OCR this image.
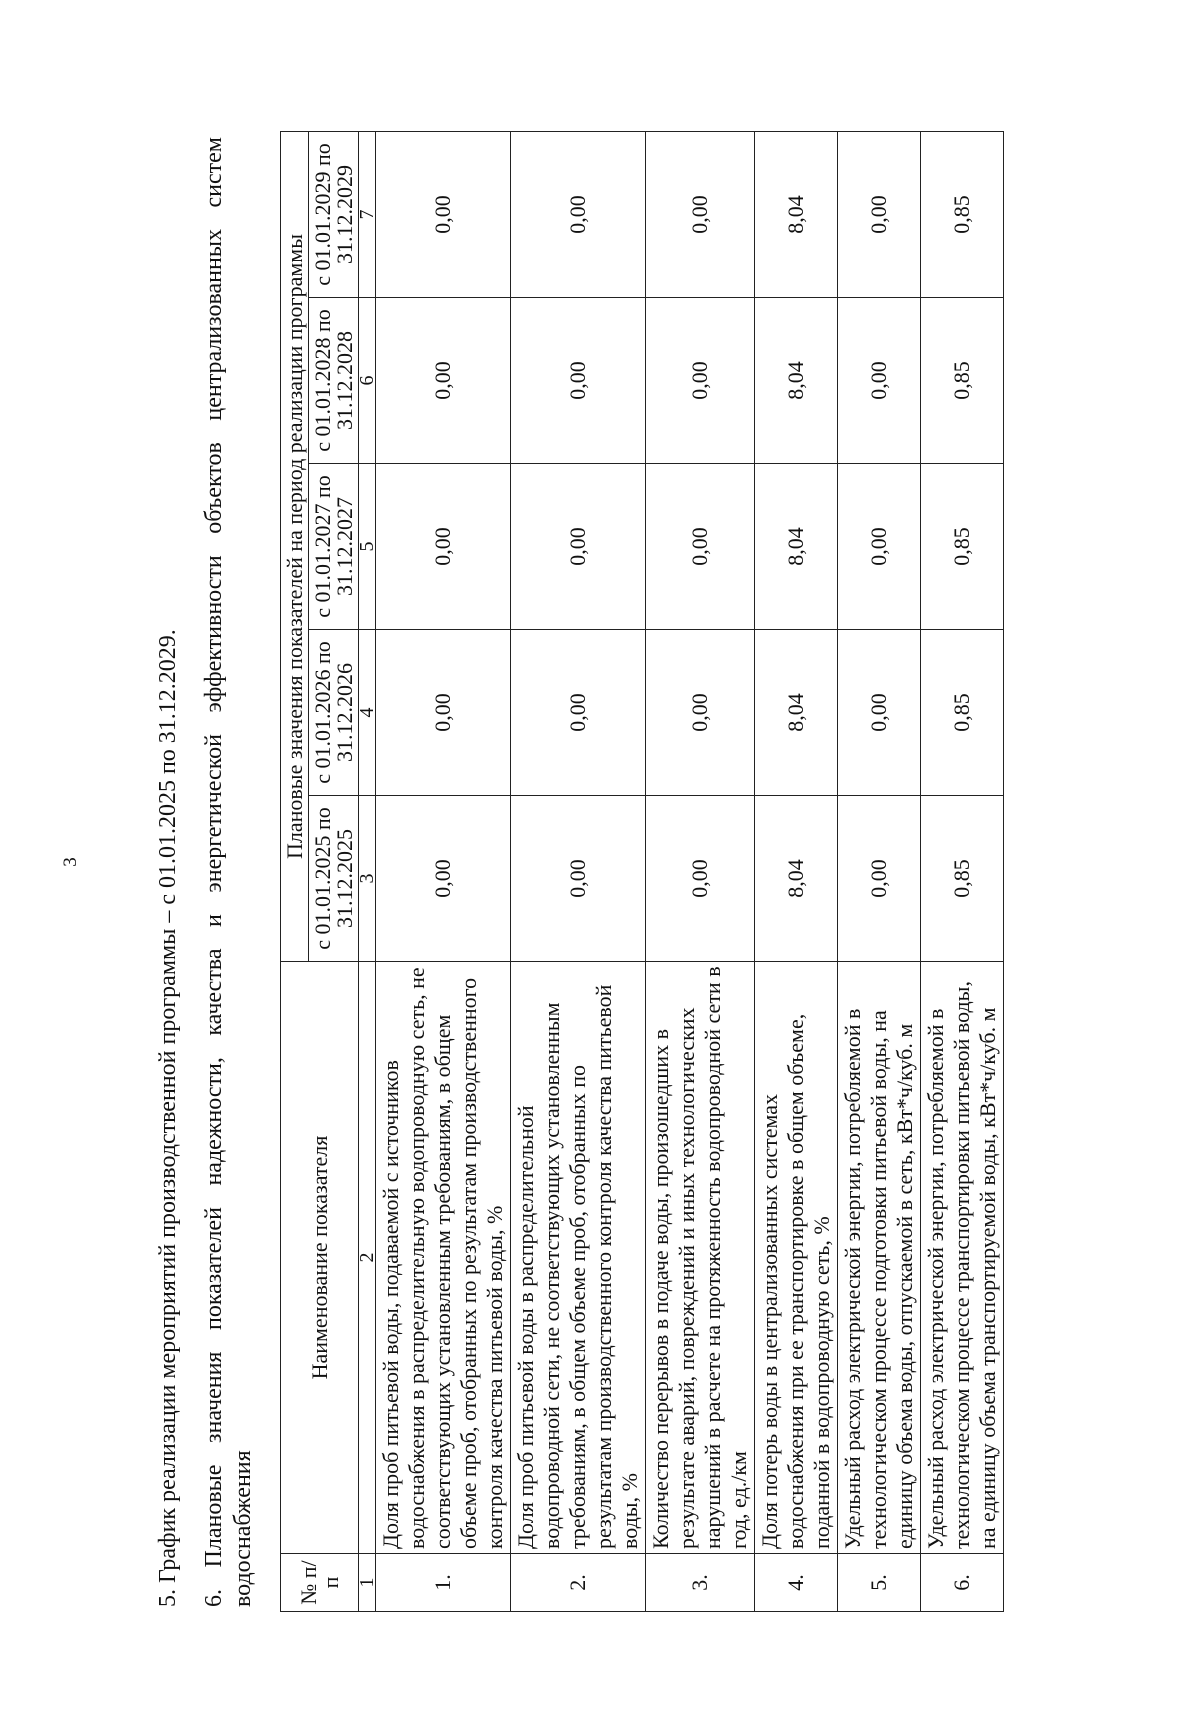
3	5. График реализации мероприятий производственной программы – с 01.01.2025 по 31.12.2029. 6. Плановые значения показателей надежности, качества и энергетической эффективности объектов централизованных систем водоснабжения № п/п	Наименование показателя	Плановые значения показателей на период реализации программы				
		с 01.01.2025 по 31.12.2025	с 01.01.2026 по 31.12.2026	с 01.01.2027 по 31.12.2027	с 01.01.2028 по 31.12.2028	с 01.01.2029 по 31.12.2029
1	2	3	4	5	6	7
1.	Доля проб питьевой воды, подаваемой с источников водоснабжения в распределительную водопроводную сеть, не соответствующих установленным требованиям, в общем объеме проб, отобранных по результатам производственного контроля качества питьевой воды, %	0,00	0,00	0,00	0,00	0,00
2.	Доля проб питьевой воды в распределительной водопроводной сети, не соответствующих установленным требованиям, в общем объеме проб, отобранных по результатам производственного контроля качества питьевой воды, %	0,00	0,00	0,00	0,00	0,00
3.	Количество перерывов в подаче воды, произошедших в результате аварий, повреждений и иных технологических нарушений в расчете на протяженность водопроводной сети в год, ед./км	0,00	0,00	0,00	0,00	0,00
4.	Доля потерь воды в централизованных системах водоснабжения при ее транспортировке в общем объеме, поданной в водопроводную сеть, %	8,04	8,04	8,04	8,04	8,04
5.	Удельный расход электрической энергии, потребляемой в технологическом процессе подготовки питьевой воды, на единицу объема воды, отпускаемой в сеть, кВт*ч/куб. м	0,00	0,00	0,00	0,00	0,00
6.	Удельный расход электрической энергии, потребляемой в технологическом процессе транспортировки питьевой воды, на единицу объема транспортируемой воды, кВт*ч/куб. м	0,85	0,85	0,85	0,85	0,85
